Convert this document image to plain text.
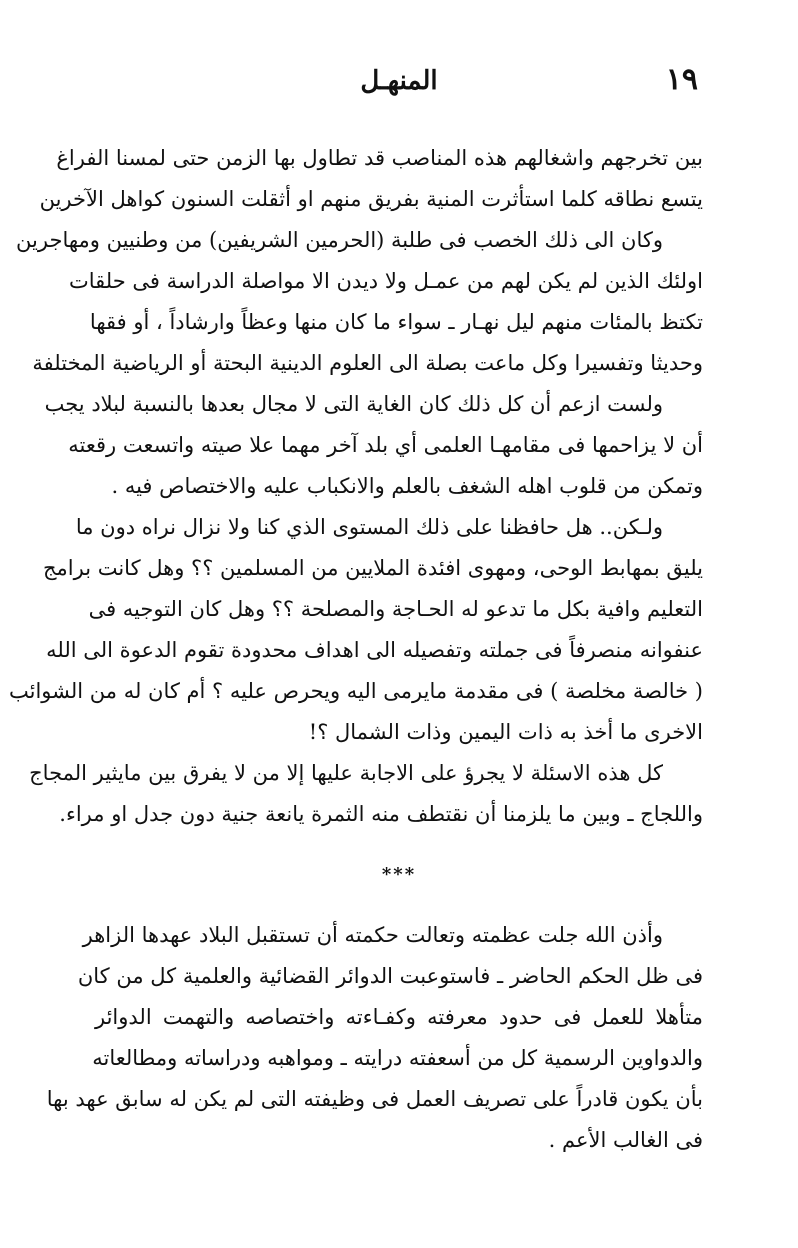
١٩
المنهـل
بين تخرجهم واشغالهم هذه المناصب قد تطاول بها الزمن حتى لمسنا الفراغ
يتسع نطاقه كلما استأثرت المنية بفريق منهم او أثقلت السنون كواهل الآخرين
وكان الى ذلك الخصب فى طلبة (الحرمين الشريفين) من وطنيين ومهاجرين
اولئك الذين لم يكن لهم من عمـل ولا ديدن الا مواصلة الدراسة فى حلقات
تكتظ بالمئات منهم ليل نهـار ـ سواء ما كان منها وعظاً وارشاداً ، أو فقها
وحديثا وتفسيرا وكل ماعت بصلة الى العلوم الدينية البحتة أو الرياضية المختلفة
ولست ازعم أن كل ذلك كان الغاية التى لا مجال بعدها بالنسبة لبلاد يجب
أن لا يزاحمها فى مقامهـا العلمى أي بلد آخر مهما علا صيته واتسعت رقعته
وتمكن من قلوب اهله الشغف بالعلم والانكباب عليه والاختصاص فيه .
ولـكن.. هل حافظنا على ذلك المستوى الذي كنا ولا نزال نراه دون ما
يليق بمهابط الوحى، ومهوى افئدة الملايين من المسلمين ؟؟ وهل كانت برامج
التعليم وافية بكل ما تدعو له الحـاجة والمصلحة ؟؟ وهل كان التوجيه فى
عنفوانه منصرفاً فى جملته وتفصيله الى اهداف محدودة تقوم الدعوة الى الله
( خالصة مخلصة ) فى مقدمة مايرمى اليه ويحرص عليه ؟ أم كان له من الشوائب
الاخرى ما أخذ به ذات اليمين وذات الشمال ؟!
كل هذه الاسئلة لا يجرؤ على الاجابة عليها إلا من لا يفرق بين مايثير المجاج
واللجاج ـ وبين ما يلزمنا أن نقتطف منه الثمرة يانعة جنية دون جدل او مراء.
***
وأذن الله جلت عظمته وتعالت حكمته أن تستقبل البلاد عهدها الزاهر
فى ظل الحكم الحاضر ـ فاستوعبت الدوائر القضائية والعلمية كل من كان
متأهلا للعمل فى حدود معرفته وكفـاءته واختصاصه والتهمت الدوائر
والدواوين الرسمية كل من أسعفته درايته ـ ومواهبه ودراساته ومطالعاته
بأن يكون قادراً على تصريف العمل فى وظيفته التى لم يكن له سابق عهد بها
فى الغالب الأعم .
